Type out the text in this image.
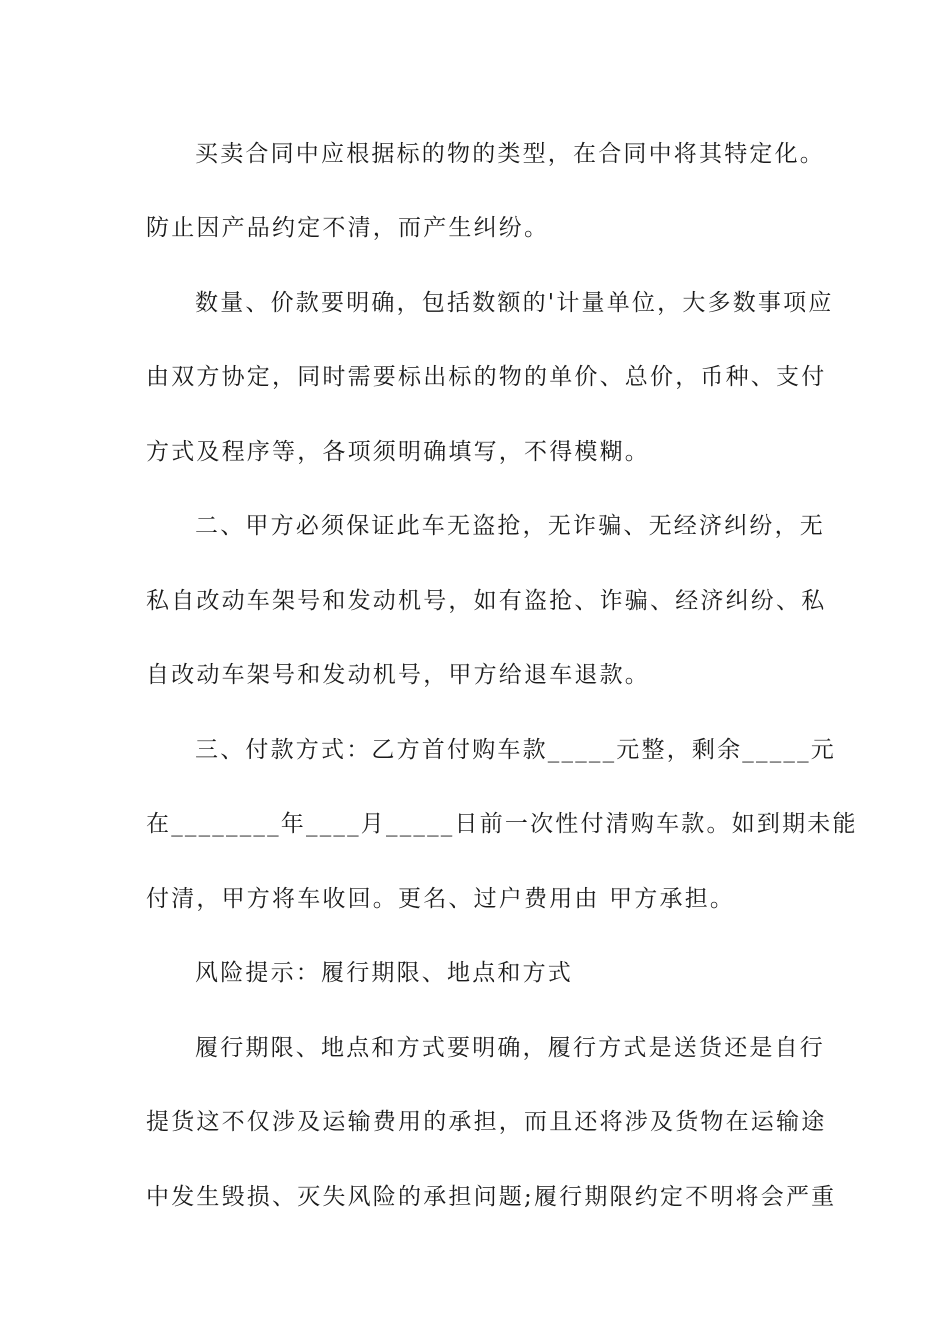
买卖合同中应根据标的物的类型，在合同中将其特定化。
防止因产品约定不清，而产生纠纷。
数量、价款要明确，包括数额的'计量单位，大多数事项应
由双方协定，同时需要标出标的物的单价、总价，币种、支付
方式及程序等，各项须明确填写，不得模糊。
二、甲方必须保证此车无盗抢，无诈骗、无经济纠纷，无
私自改动车架号和发动机号，如有盗抢、诈骗、经济纠纷、私
自改动车架号和发动机号，甲方给退车退款。
三、付款方式：乙方首付购车款_____元整，剩余_____元
在________年____月_____日前一次性付清购车款。如到期未能
付清，甲方将车收回。更名、过户费用由 甲方承担。
风险提示：履行期限、地点和方式
履行期限、地点和方式要明确，履行方式是送货还是自行
提货这不仅涉及运输费用的承担，而且还将涉及货物在运输途
中发生毁损、灭失风险的承担问题;履行期限约定不明将会严重
